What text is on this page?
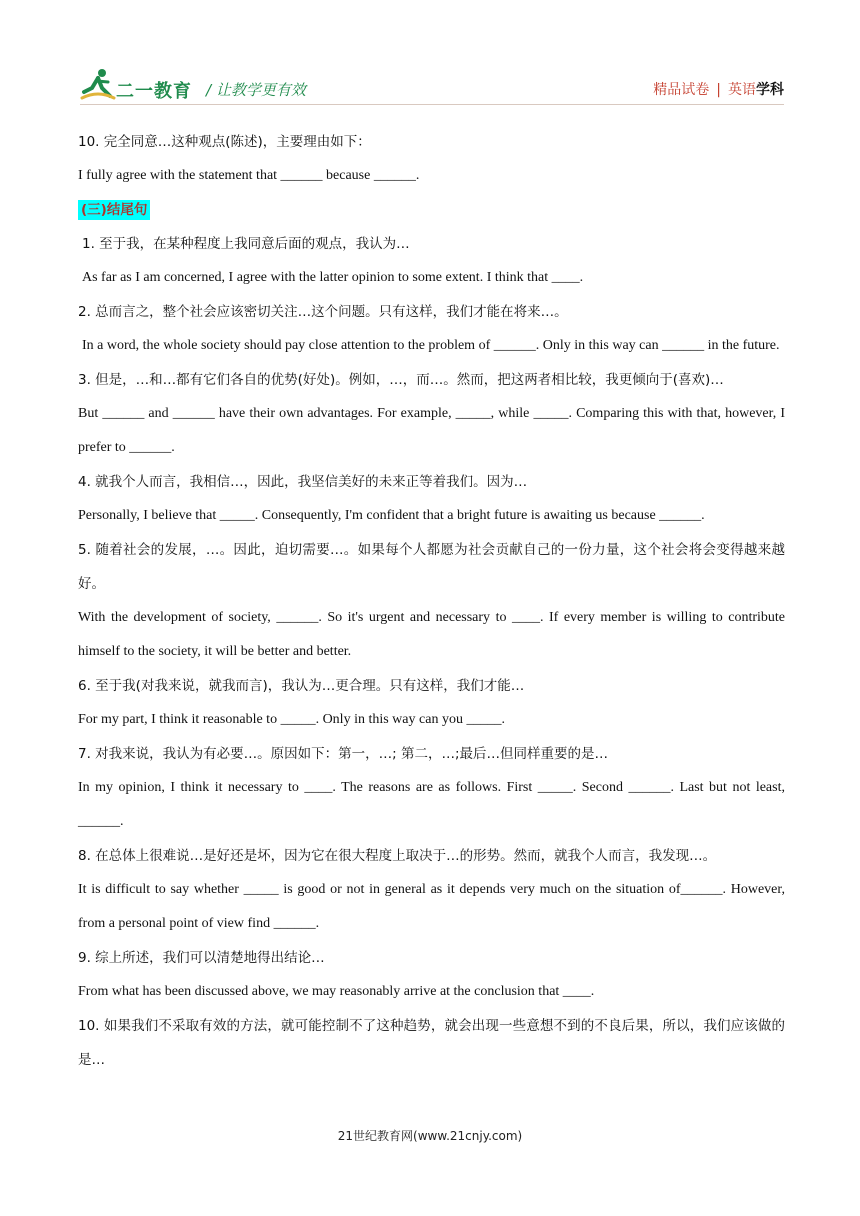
二一教育 / 让教学更有效	精品试卷 | 英语学科

10. 完全同意…这种观点(陈述)，主要理由如下：

I fully agree with the statement that ______ because ______.

(三)结尾句

1. 至于我，在某种程度上我同意后面的观点，我认为…

As far as I am concerned, I agree with the latter opinion to some extent. I think that ____.

2. 总而言之，整个社会应该密切关注…这个问题。只有这样，我们才能在将来…。

In a word, the whole society should pay close attention to the problem of ______. Only in this way can ______ in the future.

3. 但是，…和…都有它们各自的优势(好处)。例如，…，而…。然而，把这两者相比较，我更倾向于(喜欢)…

But ______ and ______ have their own advantages. For example, _____, while _____. Comparing this with that, however, I prefer to ______.

4. 就我个人而言，我相信…，因此，我坚信美好的未来正等着我们。因为…

Personally, I believe that _____. Consequently, I'm confident that a bright future is awaiting us because ______.

5. 随着社会的发展，…。因此，迫切需要…。如果每个人都愿为社会贡献自己的一份力量，这个社会将会变得越来越好。

With the development of society, ______. So it's urgent and necessary to ____. If every member is willing to contribute himself to the society, it will be better and better.

6. 至于我(对我来说，就我而言)，我认为…更合理。只有这样，我们才能…

For my part, I think it reasonable to _____. Only in this way can you _____.

7. 对我来说，我认为有必要…。原因如下：第一，…; 第二，…;最后…但同样重要的是…

In my opinion, I think it necessary to ____. The reasons are as follows. First _____. Second ______. Last but not least, ______.

8. 在总体上很难说…是好还是坏，因为它在很大程度上取决于…的形势。然而，就我个人而言，我发现…。

It is difficult to say whether _____ is good or not in general as it depends very much on the situation of______. However, from a personal point of view find ______.

9. 综上所述，我们可以清楚地得出结论…

From what has been discussed above, we may reasonably arrive at the conclusion that ____.

10. 如果我们不采取有效的方法，就可能控制不了这种趋势，就会出现一些意想不到的不良后果，所以，我们应该做的是…

21世纪教育网(www.21cnjy.com)
